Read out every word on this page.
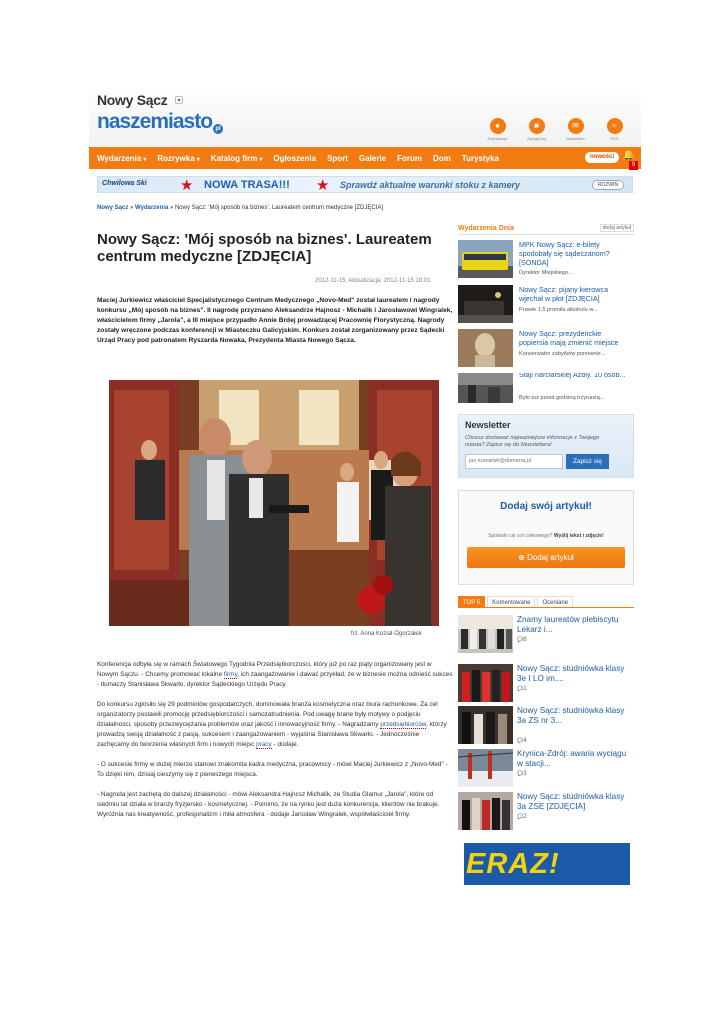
Nowy Sącz
naszemiasto pl	●
Rejestracja
■
Zaloguj się
✉
Newsletter
≈
RSS
Wydarzenia ▾ Rozrywka ▾ Katalog firm ▾ Ogłoszenia Sport Galerie Forum Dom Turystyka	nowości 🔔
9
Chwilowa Ski ★ NOWA TRASA!!! ★ Sprawdź aktualne warunki stoku z kamery	ROZWIŃ
Nowy Sącz » Wydarzenia » Nowy Sącz: 'Mój sposób na biznes'. Laureatem centrum medyczne [ZDJĘCIA]
Nowy Sącz: 'Mój sposób na biznes'. Laureatem centrum medyczne [ZDJĘCIA]
2012-11-15, Aktualizacja: 2012-11-15 18:01
Maciej Jurkiewicz właściciel Specjalistycznego Centrum Medycznego „Novo-Med" został laureatem i nagrody konkursu „Mój sposób na biznes". II nagrodę przyznano Aleksandrze Hajnosz - Michalik i Jarosławowi Wingralek, właścicielom firmy „Jarola", a III miejsce przypadło Annie Brdej prowadzącej Pracownię Florystyczną. Nagrody zostały wręczone podczas konferencji w Miasteczku Galicyjskim. Konkurs został zorganizowany przez Sądecki Urząd Pracy pod patronatem Ryszarda Nowaka, Prezydenta Miasta Nowego Sącza.
fct. Anna Kozial-Ogorzałek

Konferencja odbyła się w ramach Światowego Tygodnia Przedsiębiorczości, który już po raz piąty organizowany jest w Nowym Sączu. - Chcemy promować lokalne firmy, ich zaangażowanie i dawać przykład, że w biznesie można odnieść sukces - tłumaczy Stanisława Skwarło, dyrektor Sądeckiego Urzędu Pracy.

Do konkursu zgłosiło się 29 podmiotów gospodarczych, dominowała branża kosmetyczna oraz biura rachunkowe. Za cel organizatorzy postawili promocję przedsiębiorczości i samozatrudnienia. Pod uwagę brane były motywy o podjęciu działalności, sposoby przezwyciężania problemów oraz jakość i innowacyjność firmy. - Nagradzamy przedsiębiorców, którzy prowadzą swoją działalność z pasją, sukcesem i zaangażowaniem - wyjaśnia Stanisława Skwarło. - Jednocześnie zachęcamy do tworzenia własnych firm i nowych miejsc pracy - dodaje.

- O sukcesie firmy w dużej mierze stanowi znakomita kadra medyczna, pracownicy - mówi Maciej Jurkiewicz z „Novo-Med" - To dzięki nim, dzisiaj cieszymy się z pierwszego miejsca.

- Nagroda jest zachętą do dalszej działalności - mówi Aleksandra Hajncsz Michalik, ze Studia Glamur „Jarola", które od siedmiu lat działa w branży fryzjersko - kosmetycznej. - Pomimo, że na rynku jest duża konkurencja, klientów nie brakuje. Wyróżnia nas kreatywność, profesjonalizm i miła atmosfera - dodaje Jarosław Wingralek, współwłaściciel firmy.

Wydarzenia Dnia	dodaj artykuł
MPK Nowy Sącz: e-bilety spodobały się sądeczanom? [SONDA]
Dyrektor Miejskiego...
Nowy Sącz: pijany kierowca wjechał w płot [ZDJĘCIA]
Prawie 1,5 promila alkoholu w...
Nowy Sącz: prezydenckie popiersia mają zmienić miejsce
Konserwator zabytków ponownie...
Stajl narciarskiej Azbly. 10 osób...
Było tuż przed godziną trzynastą...
Newsletter
Chcesz dostawać najważniejsze informacje z Twojego miasta? Zapisz się do Newslettera!
jan.kowalski@domena.pl	Zapisz się
Dodaj swój artykuł!
Spotkało cię coś ciekawego? Wyślij tekst i zdjęcie!
⊕ Dodaj artykuł
TOP 5	Komentowane	Oceniane
Znamy laureatów plebiscytu Lekarz i...
💬 6
Nowy Sącz: studniówka klasy 3e I LO im....
💬 1
Nowy Sącz: studniówka klasy 3a ZS nr 3...
💬 4
Krynica-Zdrój: awaria wyciągu w stacji...
💬 3
Nowy Sącz: studniówka klasy 3a ZSE [ZDJĘCIA]
💬 2
ERAZ!
